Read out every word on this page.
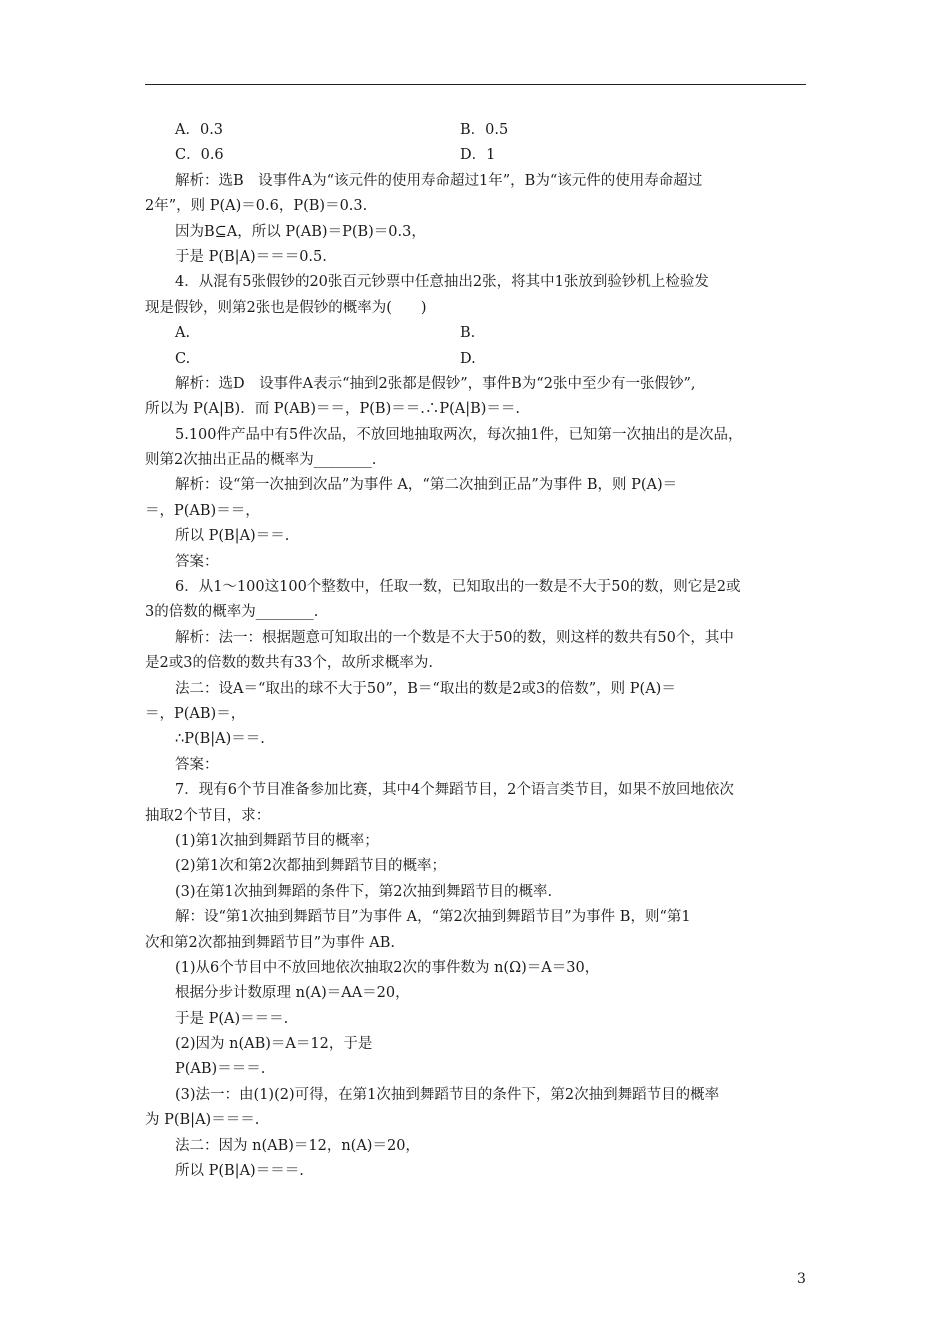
A．0.3	B．0.5
C．0.6	D．1
解析：选B　设事件A为“该元件的使用寿命超过1年”，B为“该元件的使用寿命超过
2年”，则 P(A)＝0.6，P(B)＝0.3.
因为B⊆A，所以 P(AB)＝P(B)＝0.3，
于是 P(B|A)＝＝＝0.5.
4．从混有5张假钞的20张百元钞票中任意抽出2张，将其中1张放到验钞机上检验发
现是假钞，则第2张也是假钞的概率为(　　)
A.	B.
C.	D.
解析：选D　设事件A表示“抽到2张都是假钞”，事件B为“2张中至少有一张假钞”,
所以为 P(A|B)．而 P(AB)＝＝，P(B)＝＝.∴P(A|B)＝＝.
5.100件产品中有5件次品，不放回地抽取两次，每次抽1件，已知第一次抽出的是次品，
则第2次抽出正品的概率为________.
解析：设“第一次抽到次品”为事件 A，“第二次抽到正品”为事件 B，则 P(A)＝
＝，P(AB)＝＝，
所以 P(B|A)＝＝.
答案：
6．从1～100这100个整数中，任取一数，已知取出的一数是不大于50的数，则它是2或
3的倍数的概率为________.
解析：法一：根据题意可知取出的一个数是不大于50的数，则这样的数共有50个，其中
是2或3的倍数的数共有33个，故所求概率为.
法二：设A＝“取出的球不大于50”，B＝“取出的数是2或3的倍数”，则 P(A)＝
＝，P(AB)＝，
∴P(B|A)＝＝.
答案：
7．现有6个节目准备参加比赛，其中4个舞蹈节目，2个语言类节目，如果不放回地依次
抽取2个节目，求：
(1)第1次抽到舞蹈节目的概率；
(2)第1次和第2次都抽到舞蹈节目的概率；
(3)在第1次抽到舞蹈的条件下，第2次抽到舞蹈节目的概率.
解：设“第1次抽到舞蹈节目”为事件 A，“第2次抽到舞蹈节目”为事件 B，则“第1
次和第2次都抽到舞蹈节目”为事件 AB.
(1)从6个节目中不放回地依次抽取2次的事件数为 n(Ω)＝A＝30，
根据分步计数原理 n(A)＝AA＝20，
于是 P(A)＝＝＝.
(2)因为 n(AB)＝A＝12，于是
P(AB)＝＝＝.
(3)法一：由(1)(2)可得，在第1次抽到舞蹈节目的条件下，第2次抽到舞蹈节目的概率
为 P(B|A)＝＝＝.
法二：因为 n(AB)＝12，n(A)＝20，
所以 P(B|A)＝＝＝.
3
